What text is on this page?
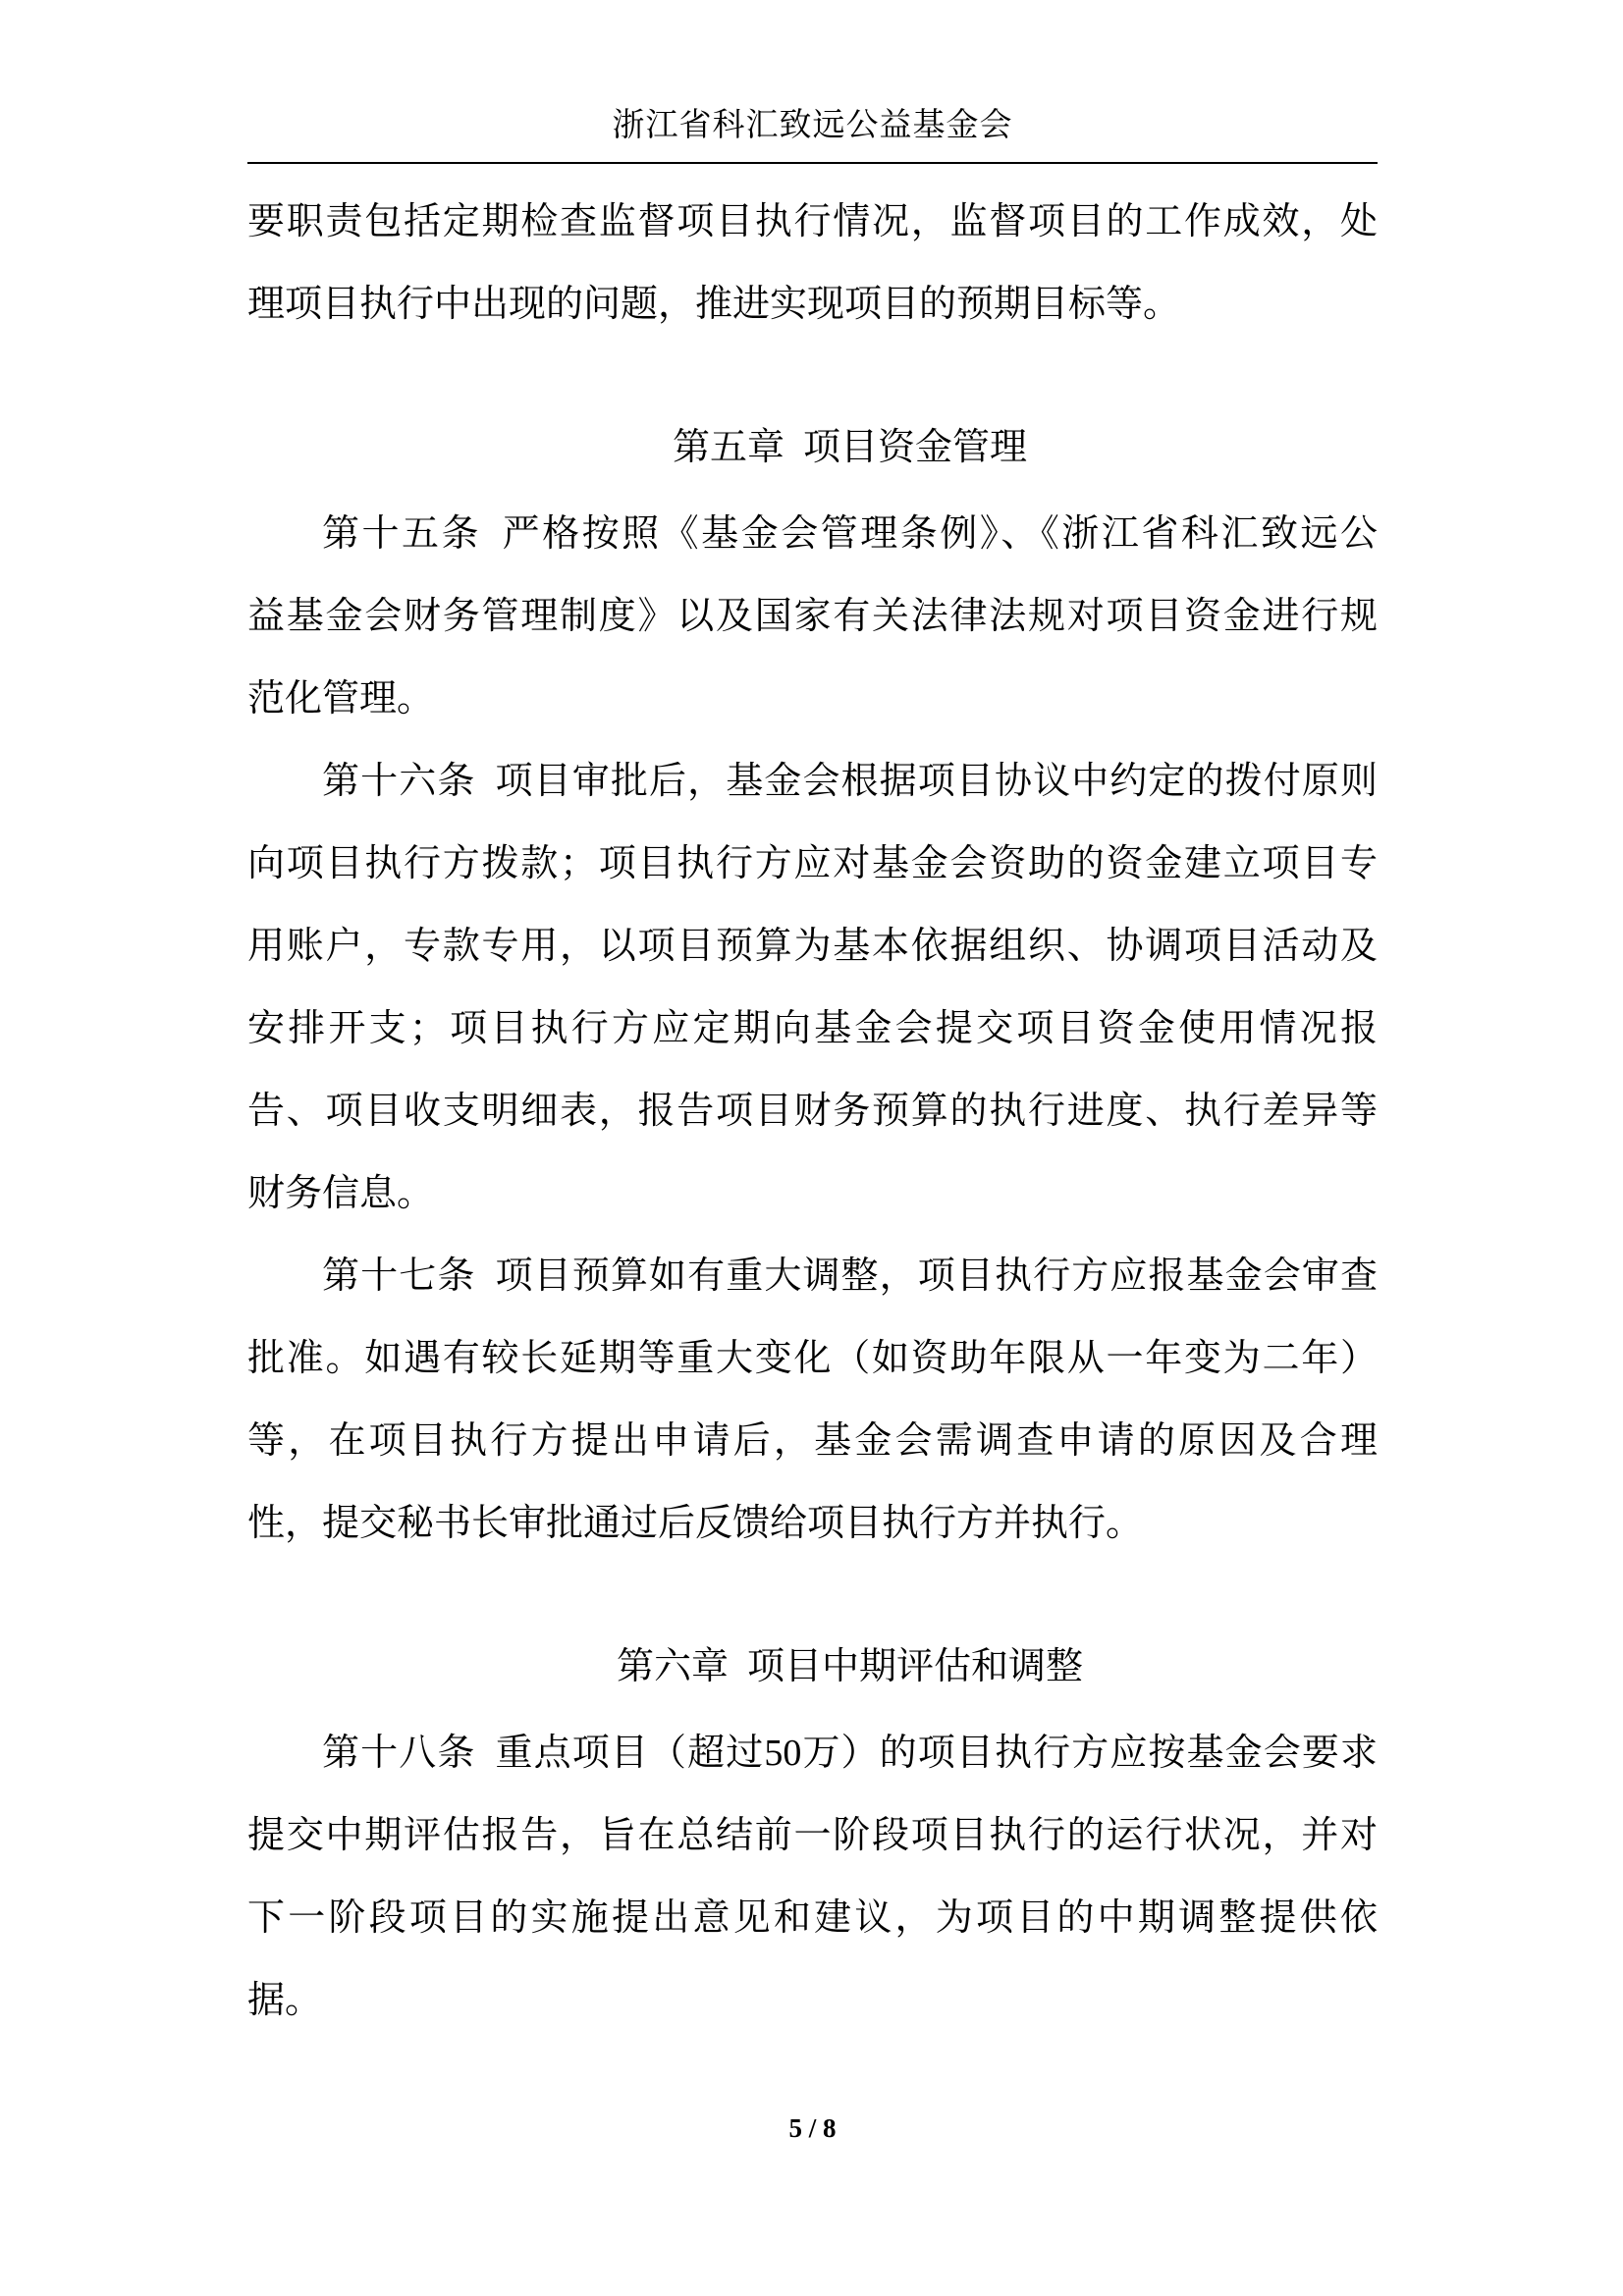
浙江省科汇致远公益基金会
要职责包括定期检查监督项目执行情况，监督项目的工作成效，处
理项目执行中出现的问题，推进实现项目的预期目标等。
第五章 项目资金管理
第十五条 严格按照《基金会管理条例》、《浙江省科汇致远公
益基金会财务管理制度》以及国家有关法律法规对项目资金进行规
范化管理。
第十六条 项目审批后，基金会根据项目协议中约定的拨付原则
向项目执行方拨款；项目执行方应对基金会资助的资金建立项目专
用账户，专款专用，以项目预算为基本依据组织、协调项目活动及
安排开支；项目执行方应定期向基金会提交项目资金使用情况报
告、项目收支明细表，报告项目财务预算的执行进度、执行差异等
财务信息。
第十七条 项目预算如有重大调整，项目执行方应报基金会审查
批准。如遇有较长延期等重大变化（如资助年限从一年变为二年）
等，在项目执行方提出申请后，基金会需调查申请的原因及合理
性，提交秘书长审批通过后反馈给项目执行方并执行。
第六章 项目中期评估和调整
第十八条 重点项目（超过50万）的项目执行方应按基金会要求
提交中期评估报告，旨在总结前一阶段项目执行的运行状况，并对
下一阶段项目的实施提出意见和建议，为项目的中期调整提供依
据。
5 / 8
